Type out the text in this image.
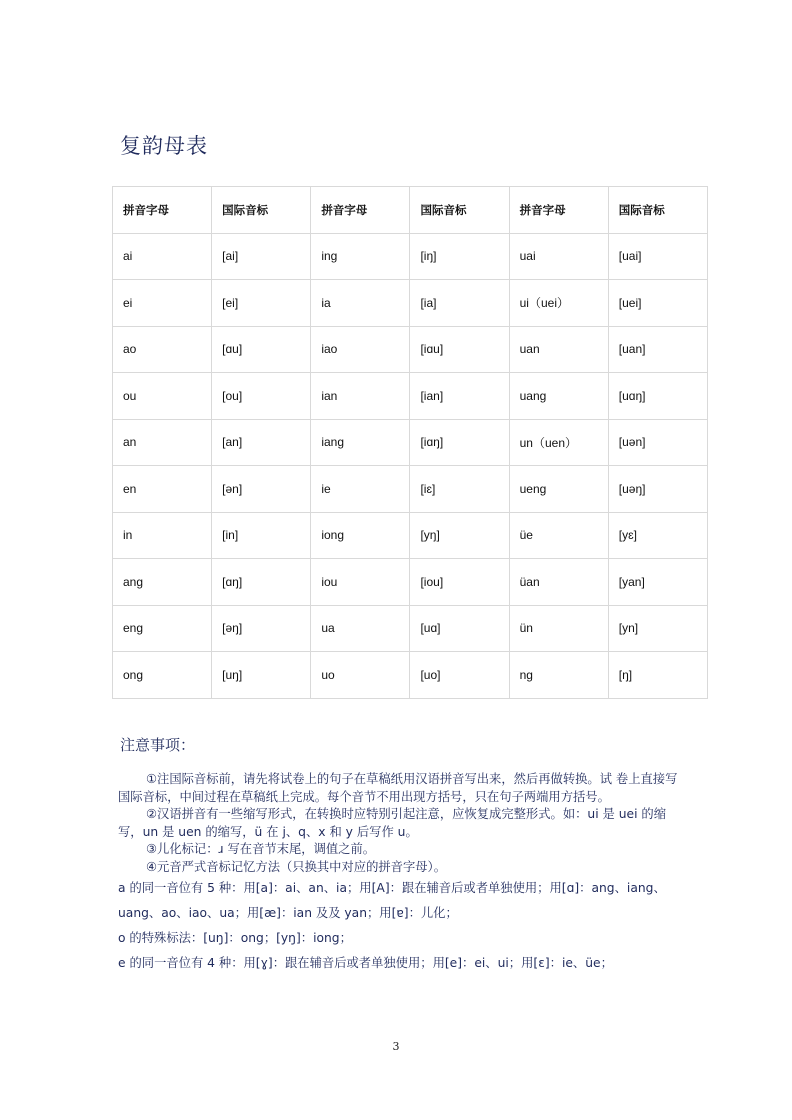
复韵母表
拼音字母	国际音标	拼音字母	国际音标	拼音字母	国际音标
ai	[ai]	ing	[iŋ]	uai	[uai]
ei	[ei]	ia	[ia]	ui（uei）	[uei]
ao	[ɑu]	iao	[iɑu]	uan	[uan]
ou	[ou]	ian	[ian]	uang	[uɑŋ]
an	[an]	iang	[iɑŋ]	un（uen）	[uən]
en	[ən]	ie	[iɛ]	ueng	[uəŋ]
in	[in]	iong	[yŋ]	üe	[yɛ]
ang	[ɑŋ]	iou	[iou]	üan	[yan]
eng	[əŋ]	ua	[uɑ]	ün	[yn]
ong	[uŋ]	uo	[uo]	ng	[ŋ]
注意事项：

①注国际音标前，请先将试卷上的句子在草稿纸用汉语拼音写出来，然后再做转换。试 卷上直接写国际音标，中间过程在草稿纸上完成。每个音节不用出现方括号，只在句子两端用方括号。

②汉语拼音有一些缩写形式，在转换时应特别引起注意，应恢复成完整形式。如：ui 是 uei 的缩写，un 是 uen 的缩写，ü 在 j、q、x 和 y 后写作 u。

③儿化标记：ɹ 写在音节末尾，调值之前。

④元音严式音标记忆方法（只换其中对应的拼音字母）。

a 的同一音位有 5 种：用[a]：ai、an、ia；用[A]：跟在辅音后或者单独使用；用[ɑ]：ang、iang、uang、ao、iao、ua；用[æ]：ian 及及 yan；用[ɐ]：儿化；

o 的特殊标法：[uŋ]：ong；[yŋ]：iong；

e 的同一音位有 4 种：用[ɣ]：跟在辅音后或者单独使用；用[e]：ei、ui；用[ɛ]：ie、üe；

3
